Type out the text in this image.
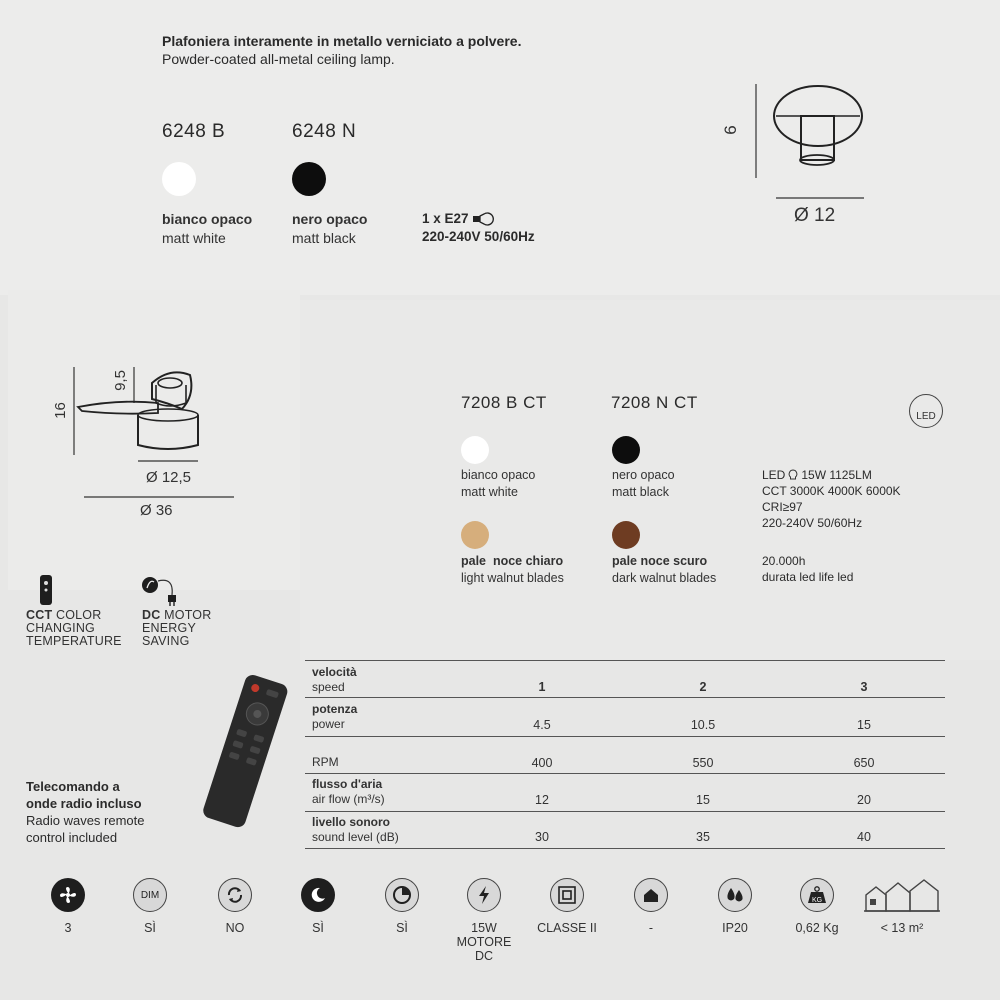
Plafoniera interamente in metallo verniciato a polvere.
Powder-coated all-metal ceiling lamp.
6248 B	6248 N
bianco opaco
matt white
nero opaco
matt black
1 x E27
220-240V 50/60Hz
9
Ø 12
16
9,5
Ø 12,5
Ø 36
7208 B CT	7208 N CT
LED
bianco opaco
matt white
nero opaco
matt black
pale  noce chiaro
light walnut blades
pale noce scuro
dark walnut blades
LED 15W 1125LM
CCT 3000K 4000K 6000K
CRI≥97
220-240V 50/60Hz
20.000h
durata led life led
CCT COLOR
CHANGING
TEMPERATURE
DC MOTOR
ENERGY
SAVING
Telecomando a
onde radio incluso
Radio waves remote
control included
velocità
speed	1	2	3
potenza
power	4.5	10.5	15
RPM	400	550	650
flusso d'aria
air flow (m³/s)	12	15	20
livello sonoro
sound level (dB)	30	35	40
3
DIM
SÌ	NO	SÌ	SÌ	15W
MOTORE
DC
CLASSE II	-	IP20
KG
0,62 Kg	< 13 m²
